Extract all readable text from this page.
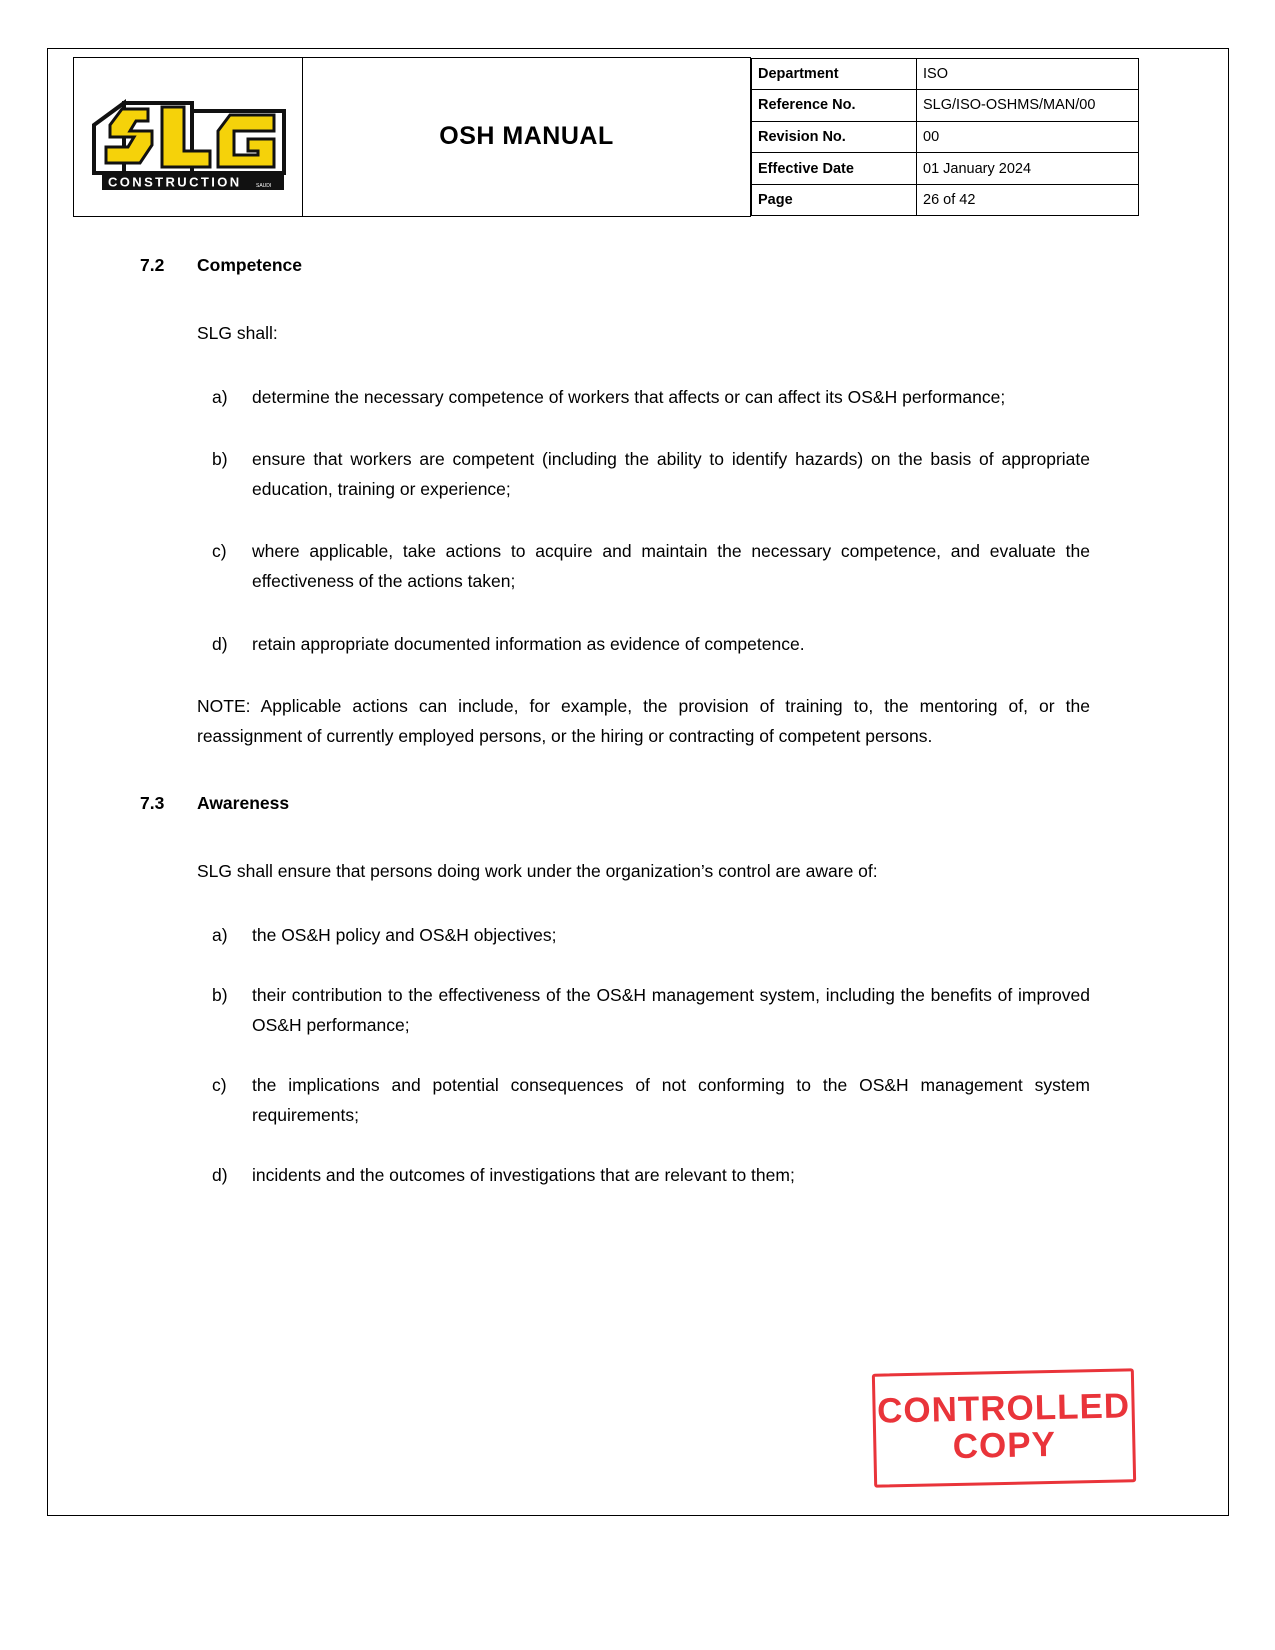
CONSTRUCTION	SAUDI
	OSH MANUAL	
Department	ISO
Reference No.	SLG/ISO-OSHMS/MAN/00
Revision No.	00
Effective Date	01 January 2024
Page	26 of 42
7.2	Competence

SLG shall:

a)	determine the necessary competence of workers that affects or can affect its OS&H performance;
b)	ensure that workers are competent (including the ability to identify hazards) on the basis of appropriate education, training or experience;
c)	where applicable, take actions to acquire and maintain the necessary competence, and evaluate the effectiveness of the actions taken;
d)	retain appropriate documented information as evidence of competence.

NOTE: Applicable actions can include, for example, the provision of training to, the mentoring of, or the reassignment of currently employed persons, or the hiring or contracting of competent persons.

7.3	Awareness

SLG shall ensure that persons doing work under the organization’s control are aware of:

a)	the OS&H policy and OS&H objectives;
b)	their contribution to the effectiveness of the OS&H management system, including the benefits of improved OS&H performance;
c)	the implications and potential consequences of not conforming to the OS&H management system requirements;
d)	incidents and the outcomes of investigations that are relevant to them;
CONTROLLED
COPY
